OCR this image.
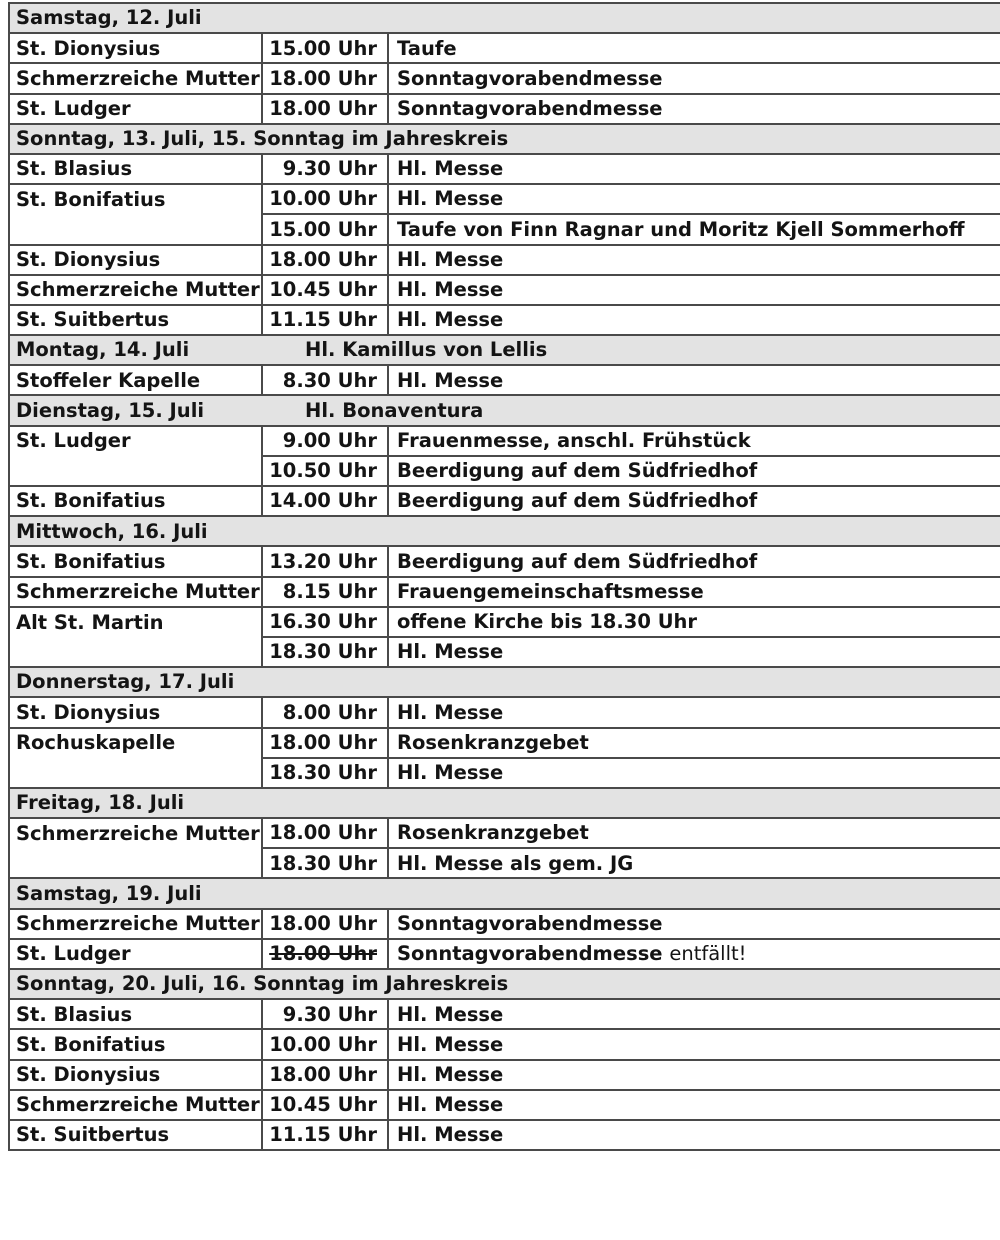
Samstag, 12. Juli		
St. Dionysius	15.00 Uhr	Taufe
Schmerzreiche Mutter	18.00 Uhr	Sonntagvorabendmesse
St. Ludger	18.00 Uhr	Sonntagvorabendmesse
Sonntag, 13. Juli, 15. Sonntag im Jahreskreis		
St. Blasius	9.30 Uhr	Hl. Messe
St. Bonifatius	10.00 Uhr	Hl. Messe
	15.00 Uhr	Taufe von Finn Ragnar und Moritz Kjell Sommerhoff
St. Dionysius	18.00 Uhr	Hl. Messe
Schmerzreiche Mutter	10.45 Uhr	Hl. Messe
St. Suitbertus	11.15 Uhr	Hl. Messe
Montag, 14. Juli Hl. Kamillus von Lellis		

Stoffeler Kapelle	8.30 Uhr	Hl. Messe
Dienstag, 15. Juli Hl. Bonaventura		

St. Ludger	9.00 Uhr	Frauenmesse, anschl. Frühstück
	10.50 Uhr	Beerdigung auf dem Südfriedhof
St. Bonifatius	14.00 Uhr	Beerdigung auf dem Südfriedhof
Mittwoch, 16. Juli		
St. Bonifatius	13.20 Uhr	Beerdigung auf dem Südfriedhof
Schmerzreiche Mutter	8.15 Uhr	Frauengemeinschaftsmesse
Alt St. Martin	16.30 Uhr	offene Kirche bis 18.30 Uhr
	18.30 Uhr	Hl. Messe
Donnerstag, 17. Juli		
St. Dionysius	8.00 Uhr	Hl. Messe
Rochuskapelle	18.00 Uhr	Rosenkranzgebet
	18.30 Uhr	Hl. Messe
Freitag, 18. Juli		
Schmerzreiche Mutter	18.00 Uhr	Rosenkranzgebet
	18.30 Uhr	Hl. Messe als gem. JG
Samstag, 19. Juli		
Schmerzreiche Mutter	18.00 Uhr	Sonntagvorabendmesse
St. Ludger	18.00 Uhr	Sonntagvorabendmesse entfällt!
Sonntag, 20. Juli, 16. Sonntag im Jahreskreis		
St. Blasius	9.30 Uhr	Hl. Messe
St. Bonifatius	10.00 Uhr	Hl. Messe
St. Dionysius	18.00 Uhr	Hl. Messe
Schmerzreiche Mutter	10.45 Uhr	Hl. Messe
St. Suitbertus	11.15 Uhr	Hl. Messe
